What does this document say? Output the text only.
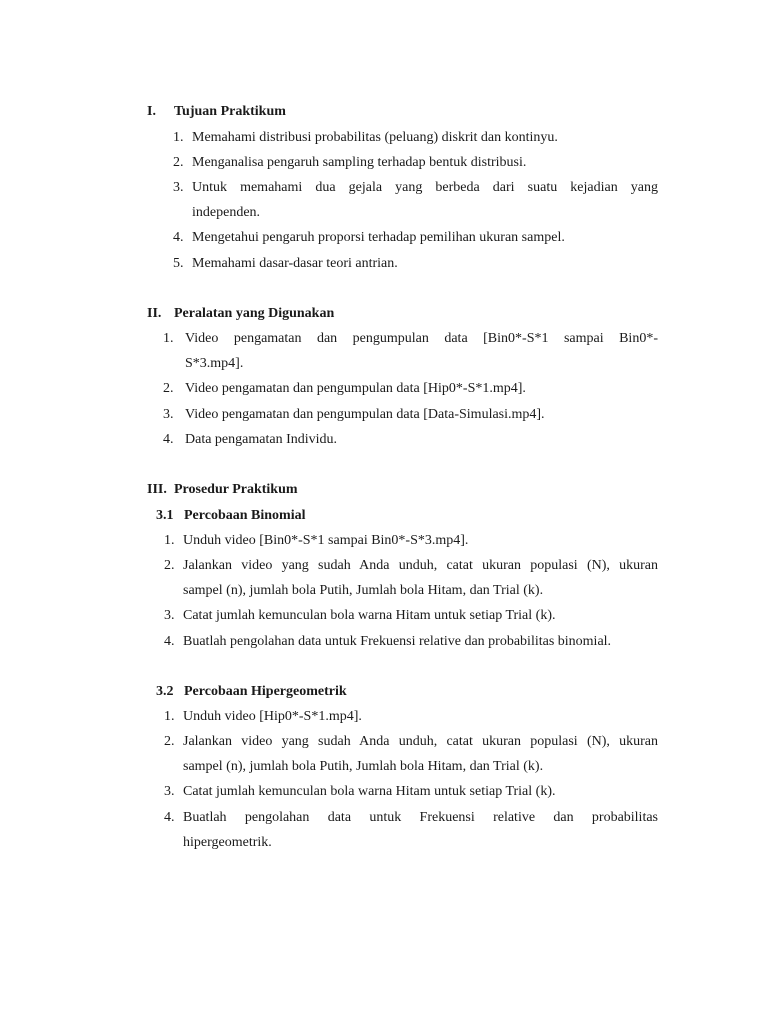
I. Tujuan Praktikum
1. Memahami distribusi probabilitas (peluang) diskrit dan kontinyu.
2. Menganalisa pengaruh sampling terhadap bentuk distribusi.
3. Untuk memahami dua gejala yang berbeda dari suatu kejadian yang
independen.
4. Mengetahui pengaruh proporsi terhadap pemilihan ukuran sampel.
5. Memahami dasar-dasar teori antrian.
II. Peralatan yang Digunakan
1. Video pengamatan dan pengumpulan data [Bin0*-S*1 sampai Bin0*-
S*3.mp4].
2. Video pengamatan dan pengumpulan data [Hip0*-S*1.mp4].
3. Video pengamatan dan pengumpulan data [Data-Simulasi.mp4].
4. Data pengamatan Individu.
III. Prosedur Praktikum
3.1 Percobaan Binomial
1. Unduh video [Bin0*-S*1 sampai Bin0*-S*3.mp4].
2. Jalankan video yang sudah Anda unduh, catat ukuran populasi (N), ukuran
sampel (n), jumlah bola Putih, Jumlah bola Hitam, dan Trial (k).
3. Catat jumlah kemunculan bola warna Hitam untuk setiap Trial (k).
4. Buatlah pengolahan data untuk Frekuensi relative dan probabilitas binomial.
3.2 Percobaan Hipergeometrik
1. Unduh video [Hip0*-S*1.mp4].
2. Jalankan video yang sudah Anda unduh, catat ukuran populasi (N), ukuran
sampel (n), jumlah bola Putih, Jumlah bola Hitam, dan Trial (k).
3. Catat jumlah kemunculan bola warna Hitam untuk setiap Trial (k).
4. Buatlah pengolahan data untuk Frekuensi relative dan probabilitas
hipergeometrik.
